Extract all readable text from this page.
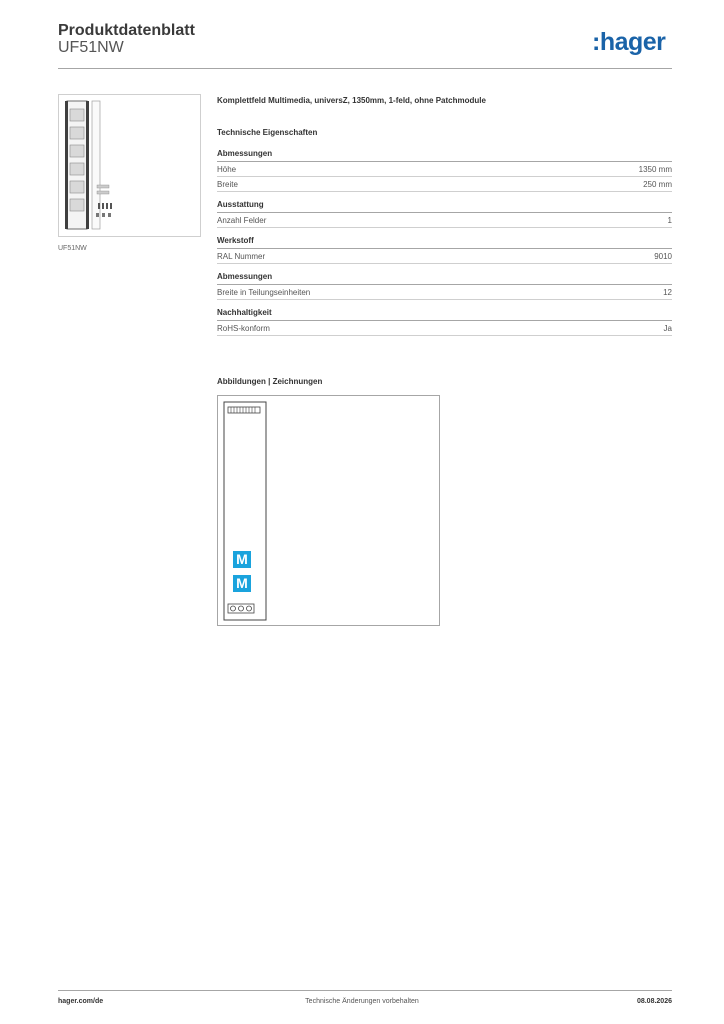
Produktdatenblatt
UF51NW	:hager
UF51NW
Komplettfeld Multimedia, universZ, 1350mm, 1-feld, ohne Patchmodule
Technische Eigenschaften
Abmessungen
Höhe	1350 mm
Breite	250 mm
Ausstattung
Anzahl Felder	1
Werkstoff
RAL Nummer	9010
Abmessungen
Breite in Teilungseinheiten	12
Nachhaltigkeit
RoHS-konform	Ja
Abbildungen | Zeichnungen
M
M
hager.com/de	Technische Änderungen vorbehalten	08.08.2026
